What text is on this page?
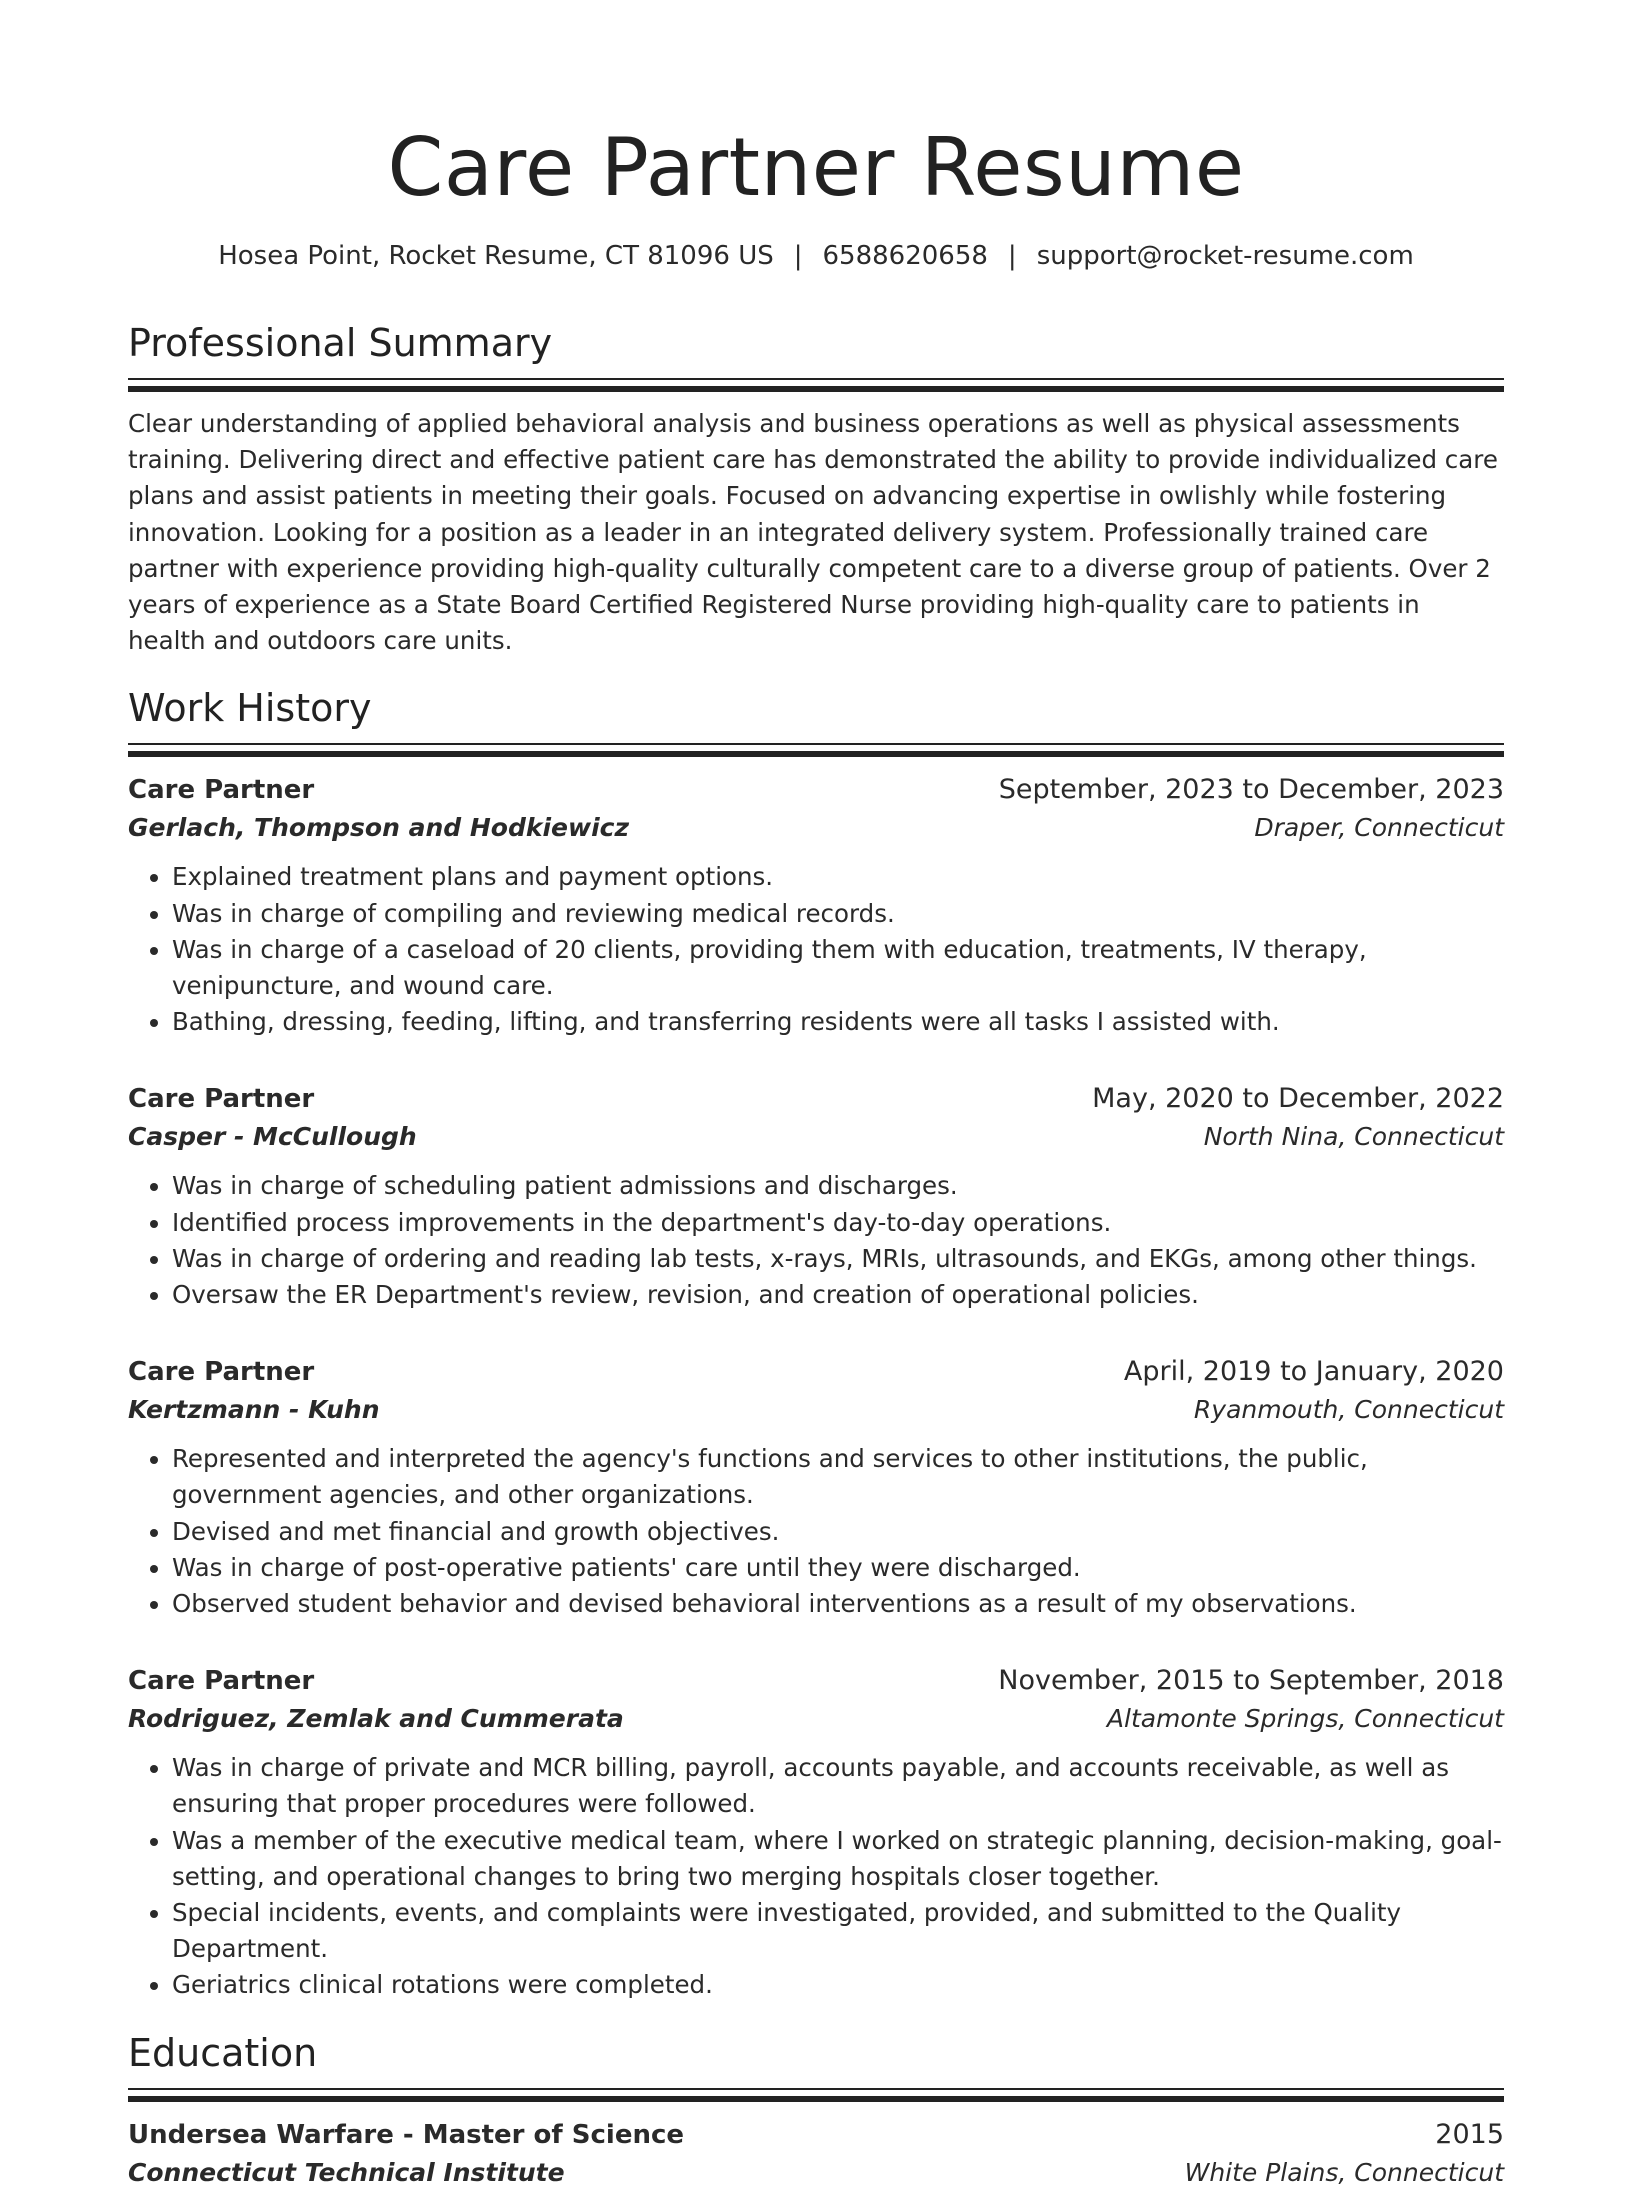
Care Partner Resume
Hosea Point, Rocket Resume, CT 81096 US | 6588620658 | support@rocket-resume.com
Professional Summary

Clear understanding of applied behavioral analysis and business operations as well as physical assessments training. Delivering direct and effective patient care has demonstrated the ability to provide individualized care plans and assist patients in meeting their goals. Focused on advancing expertise in owlishly while fostering innovation. Looking for a position as a leader in an integrated delivery system. Professionally trained care partner with experience providing high-quality culturally competent care to a diverse group of patients. Over 2 years of experience as a State Board Certified Registered Nurse providing high-quality care to patients in health and outdoors care units.

Work History
Care Partner	September, 2023 to December, 2023
Gerlach, Thompson and Hodkiewicz	Draper, Connecticut
• Explained treatment plans and payment options.
• Was in charge of compiling and reviewing medical records.
• Was in charge of a caseload of 20 clients, providing them with education, treatments, IV therapy, venipuncture, and wound care.
• Bathing, dressing, feeding, lifting, and transferring residents were all tasks I assisted with.
Care Partner	May, 2020 to December, 2022
Casper - McCullough	North Nina, Connecticut
• Was in charge of scheduling patient admissions and discharges.
• Identified process improvements in the department's day-to-day operations.
• Was in charge of ordering and reading lab tests, x-rays, MRIs, ultrasounds, and EKGs, among other things.
• Oversaw the ER Department's review, revision, and creation of operational policies.
Care Partner	April, 2019 to January, 2020
Kertzmann - Kuhn	Ryanmouth, Connecticut
• Represented and interpreted the agency's functions and services to other institutions, the public, government agencies, and other organizations.
• Devised and met financial and growth objectives.
• Was in charge of post-operative patients' care until they were discharged.
• Observed student behavior and devised behavioral interventions as a result of my observations.
Care Partner	November, 2015 to September, 2018
Rodriguez, Zemlak and Cummerata	Altamonte Springs, Connecticut
• Was in charge of private and MCR billing, payroll, accounts payable, and accounts receivable, as well as ensuring that proper procedures were followed.
• Was a member of the executive medical team, where I worked on strategic planning, decision-making, goal-setting, and operational changes to bring two merging hospitals closer together.
• Special incidents, events, and complaints were investigated, provided, and submitted to the Quality Department.
• Geriatrics clinical rotations were completed.
Education
Undersea Warfare - Master of Science	2015
Connecticut Technical Institute	White Plains, Connecticut
